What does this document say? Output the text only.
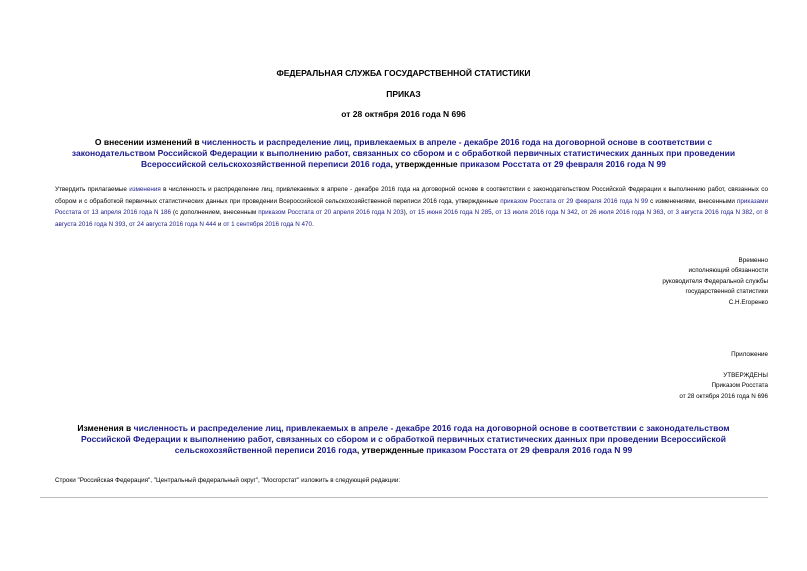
ФЕДЕРАЛЬНАЯ СЛУЖБА ГОСУДАРСТВЕННОЙ СТАТИСТИКИ
ПРИКАЗ
от 28 октября 2016 года N 696
О внесении изменений в численность и распределение лиц, привлекаемых в апреле - декабре 2016 года на договорной основе в соответствии с законодательством Российской Федерации к выполнению работ, связанных со сбором и с обработкой первичных статистических данных при проведении Всероссийской сельскохозяйственной переписи 2016 года, утвержденные приказом Росстата от 29 февраля 2016 года N 99
Утвердить прилагаемые изменения в численность и распределение лиц, привлекаемых в апреле - декабре 2016 года на договорной основе в соответствии с законодательством Российской Федерации к выполнению работ, связанных со сбором и с обработкой первичных статистических данных при проведении Всероссийской сельскохозяйственной переписи 2016 года, утвержденные приказом Росстата от 29 февраля 2016 года N 99 с изменениями, внесенными приказами Росстата от 13 апреля 2016 года N 186 (с дополнением, внесенным приказом Росстата от 20 апреля 2016 года N 203), от 15 июня 2016 года N 285, от 13 июля 2016 года N 342, от 26 июля 2016 года N 363, от 3 августа 2016 года N 382, от 8 августа 2016 года N 393, от 24 августа 2016 года N 444 и от 1 сентября 2016 года N 470.
Временно
исполняющий обязанности
руководителя Федеральной службы
государственной статистики
С.Н.Егоренко
Приложение
УТВЕРЖДЕНЫ
Приказом Росстата
от 28 октября 2016 года N 696
Изменения в численность и распределение лиц, привлекаемых в апреле - декабре 2016 года на договорной основе в соответствии с законодательством Российской Федерации к выполнению работ, связанных со сбором и с обработкой первичных статистических данных при проведении Всероссийской сельскохозяйственной переписи 2016 года, утвержденные приказом Росстата от 29 февраля 2016 года N 99
Строки "Российская Федерация", "Центральный федеральный округ", "Мосгорстат" изложить в следующей редакции:
